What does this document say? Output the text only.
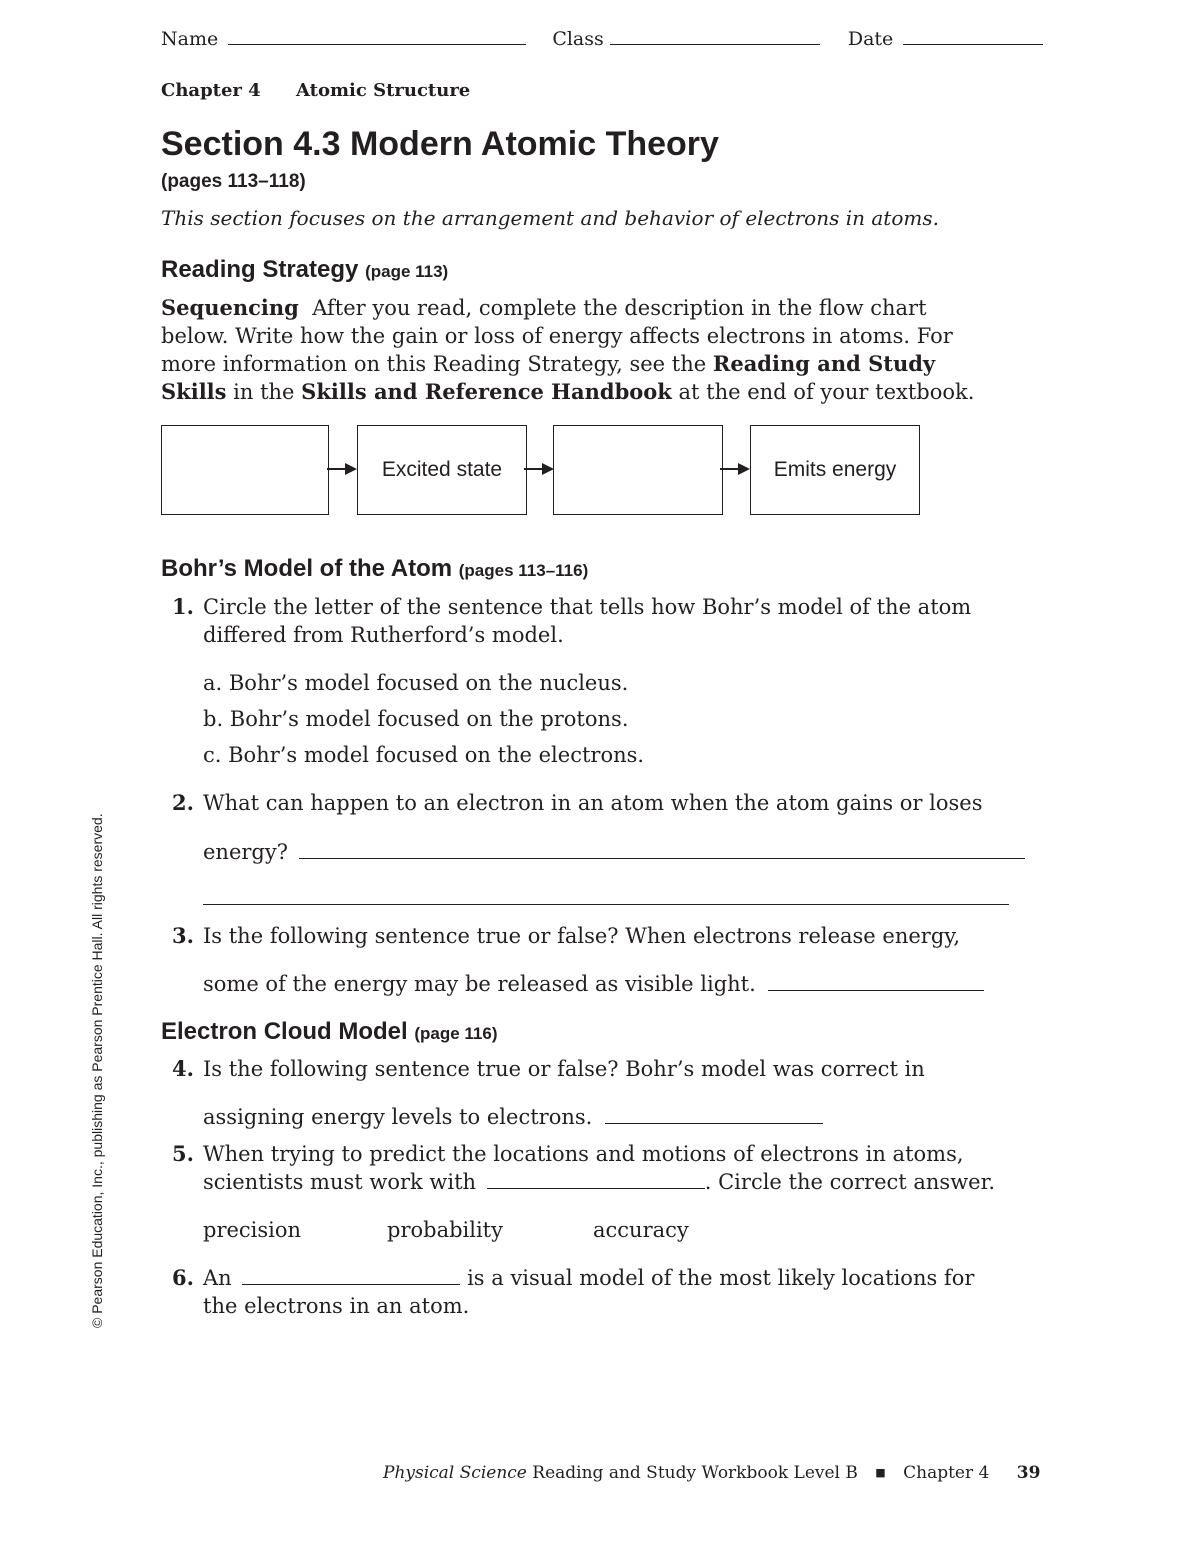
Name	Class	Date
Chapter 4 Atomic Structure
Section 4.3 Modern Atomic Theory
(pages 113–118)
This section focuses on the arrangement and behavior of electrons in atoms.
Reading Strategy (page 113)
Sequencing After you read, complete the description in the flow chart
below. Write how the gain or loss of energy affects electrons in atoms. For
more information on this Reading Strategy, see the Reading and Study
Skills in the Skills and Reference Handbook at the end of your textbook.
Excited state	Emits energy
Bohr’s Model of the Atom (pages 113–116)
1. Circle the letter of the sentence that tells how Bohr’s model of the atom
differed from Rutherford’s model.
a. Bohr’s model focused on the nucleus.
b. Bohr’s model focused on the protons.
c. Bohr’s model focused on the electrons.
2. What can happen to an electron in an atom when the atom gains or loses
energy?
3. Is the following sentence true or false? When electrons release energy,
some of the energy may be released as visible light.
Electron Cloud Model (page 116)
4. Is the following sentence true or false? Bohr’s model was correct in
assigning energy levels to electrons.
5. When trying to predict the locations and motions of electrons in atoms,
scientists must work with	. Circle the correct answer.
precision	probability	accuracy
6. An	is a visual model of the most likely locations for
the electrons in an atom.
© Pearson Education, Inc., publishing as Pearson Prentice Hall. All rights reserved.
Physical Science Reading and Study Workbook Level B ■ Chapter 4 39
